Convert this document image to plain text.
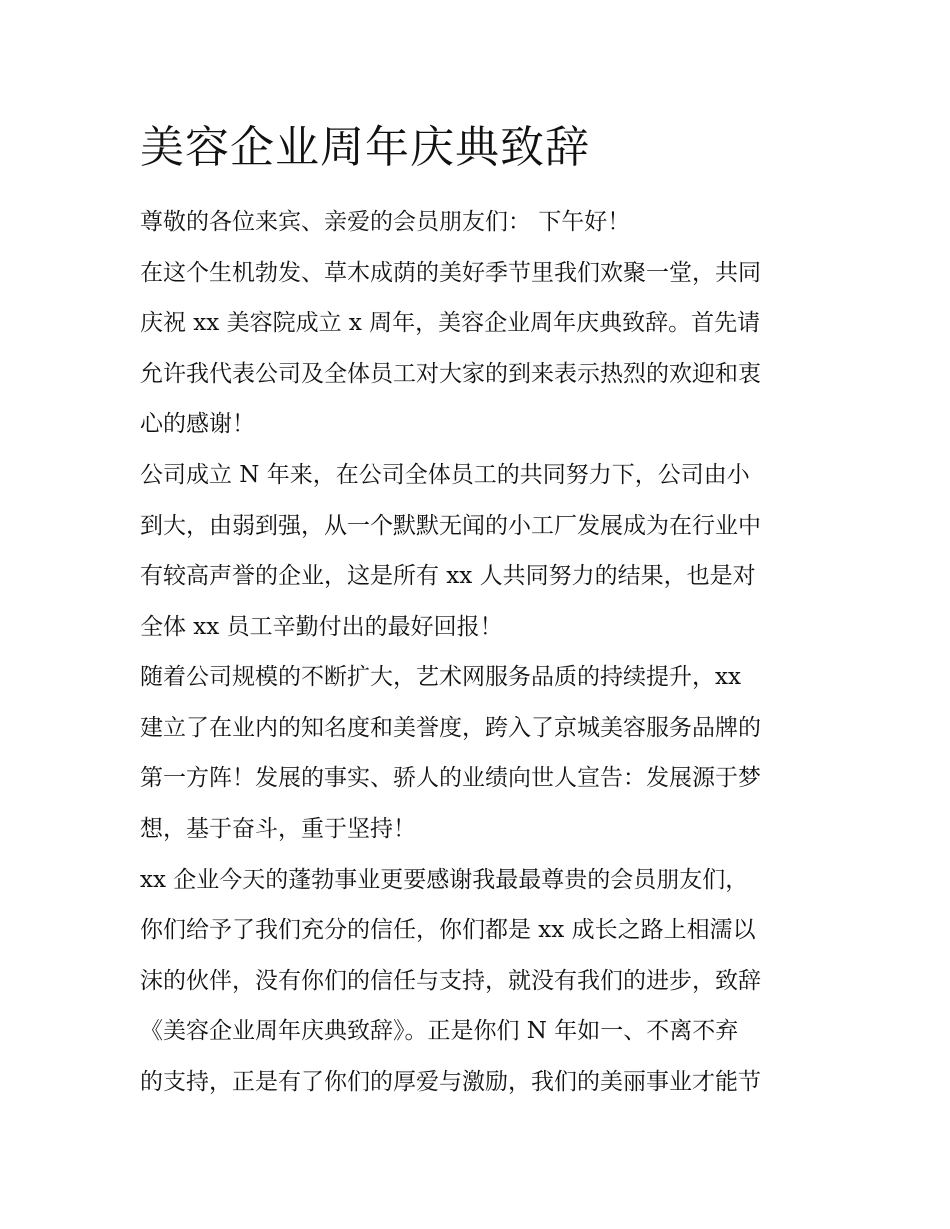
美容企业周年庆典致辞

尊敬的各位来宾、亲爱的会员朋友们： 下午好！

在这个生机勃发、草木成荫的美好季节里我们欢聚一堂，共同

庆祝 xx 美容院成立 x 周年，美容企业周年庆典致辞。首先请

允许我代表公司及全体员工对大家的到来表示热烈的欢迎和衷

心的感谢！

公司成立 N 年来，在公司全体员工的共同努力下，公司由小

到大，由弱到强，从一个默默无闻的小工厂发展成为在行业中

有较高声誉的企业，这是所有 xx 人共同努力的结果，也是对

全体 xx 员工辛勤付出的最好回报！

随着公司规模的不断扩大，艺术网服务品质的持续提升，xx

建立了在业内的知名度和美誉度，跨入了京城美容服务品牌的

第一方阵！发展的事实、骄人的业绩向世人宣告：发展源于梦

想，基于奋斗，重于坚持！

xx 企业今天的蓬勃事业更要感谢我最最尊贵的会员朋友们，

你们给予了我们充分的信任，你们都是 xx 成长之路上相濡以

沫的伙伴，没有你们的信任与支持，就没有我们的进步，致辞

《美容企业周年庆典致辞》。正是你们 N 年如一、不离不弃

的支持，正是有了你们的厚爱与激励，我们的美丽事业才能节
